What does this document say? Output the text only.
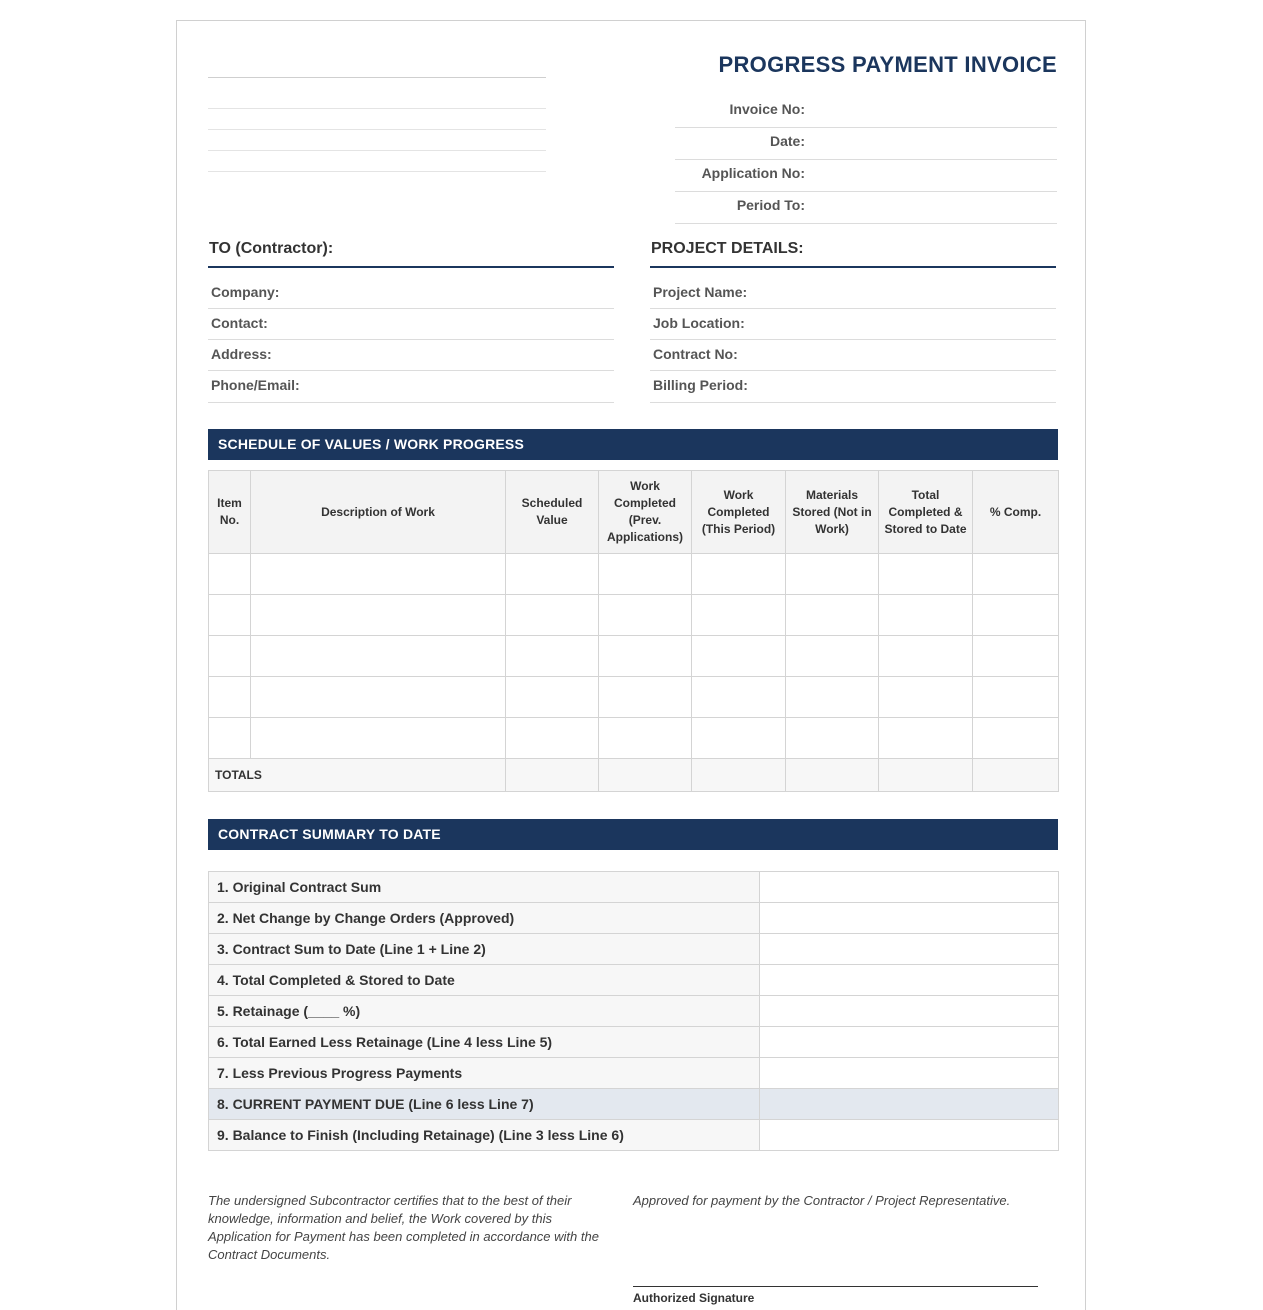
PROGRESS PAYMENT INVOICE
Invoice No:
Date:
Application No:
Period To:
TO (Contractor):
Company:
Contact:
Address:
Phone/Email:
PROJECT DETAILS:
Project Name:
Job Location:
Contract No:
Billing Period:
SCHEDULE OF VALUES / WORK PROGRESS
Item No.	Description of Work	Scheduled Value	Work Completed (Prev. Applications)	Work Completed (This Period)	Materials Stored (Not in Work)	Total Completed & Stored to Date	% Comp.

TOTALS							
CONTRACT SUMMARY TO DATE
1. Original Contract Sum	
2. Net Change by Change Orders (Approved)	
3. Contract Sum to Date (Line 1 + Line 2)	
4. Total Completed & Stored to Date	
5. Retainage (____ %)	
6. Total Earned Less Retainage (Line 4 less Line 5)	
7. Less Previous Progress Payments	
8. CURRENT PAYMENT DUE (Line 6 less Line 7)	
9. Balance to Finish (Including Retainage) (Line 3 less Line 6)	
The undersigned Subcontractor certifies that to the best of their knowledge, information and belief, the Work covered by this Application for Payment has been completed in accordance with the Contract Documents.
Approved for payment by the Contractor / Project Representative.
Authorized Signature
